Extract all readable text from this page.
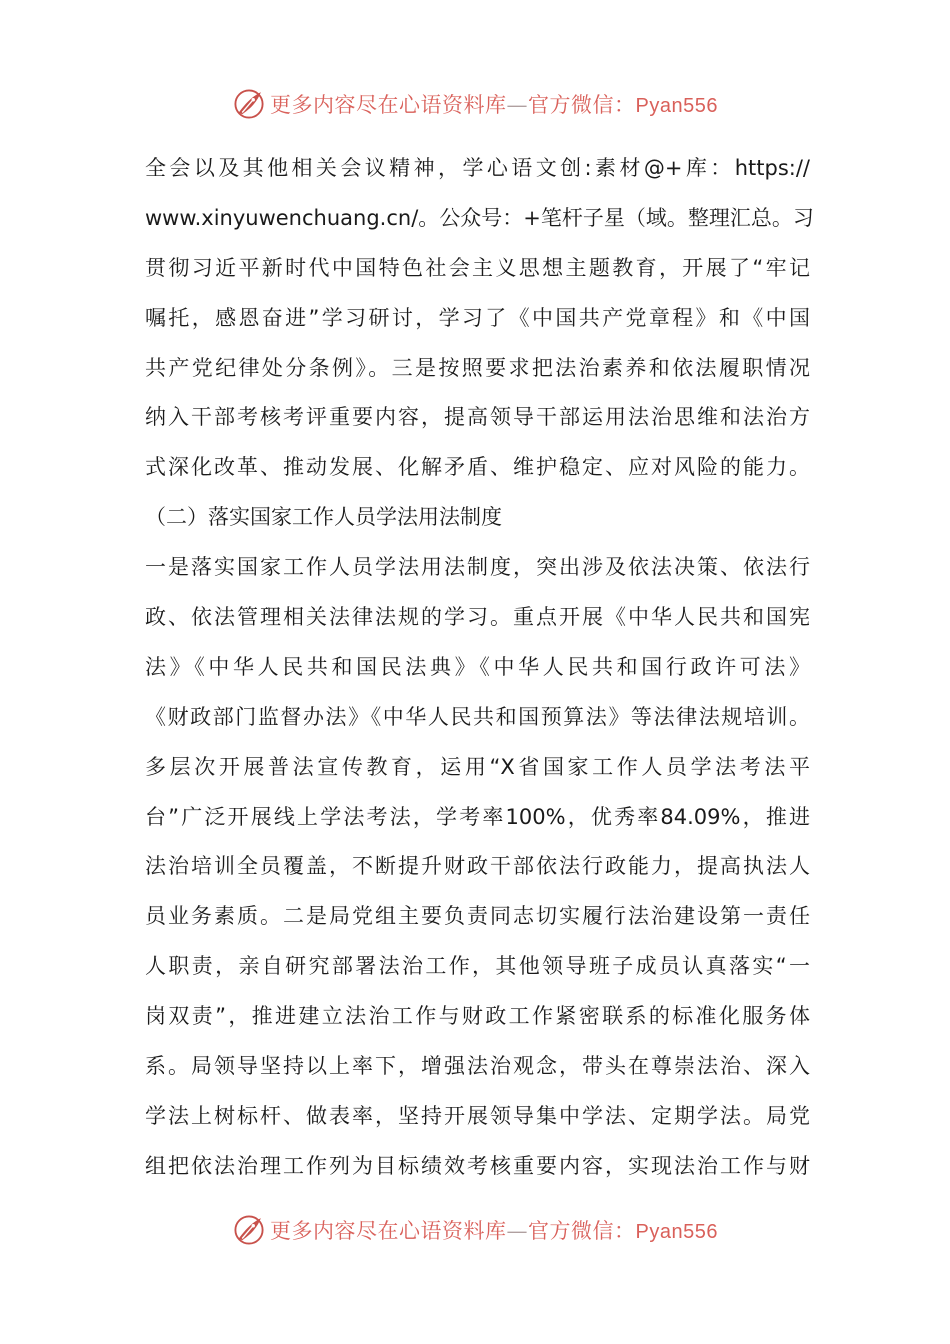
更多内容尽在心语资料库—官方微信：Pyan556
全会以及其他相关会议精神，学心语文创:素材@+库：https://
www.xinyuwenchuang.cn/。公众号：+笔杆子星（域。整理汇总。习
贯彻习近平新时代中国特色社会主义思想主题教育，开展了“牢记
嘱托，感恩奋进”学习研讨，学习了《中国共产党章程》和《中国
共产党纪律处分条例》。三是按照要求把法治素养和依法履职情况
纳入干部考核考评重要内容，提高领导干部运用法治思维和法治方
式深化改革、推动发展、化解矛盾、维护稳定、应对风险的能力。
（二）落实国家工作人员学法用法制度
一是落实国家工作人员学法用法制度，突出涉及依法决策、依法行
政、依法管理相关法律法规的学习。重点开展《中华人民共和国宪
法》《中华人民共和国民法典》《中华人民共和国行政许可法》
《财政部门监督办法》《中华人民共和国预算法》等法律法规培训。
多层次开展普法宣传教育，运用“X省国家工作人员学法考法平
台”广泛开展线上学法考法，学考率100%，优秀率84.09%，推进
法治培训全员覆盖，不断提升财政干部依法行政能力，提高执法人
员业务素质。二是局党组主要负责同志切实履行法治建设第一责任
人职责，亲自研究部署法治工作，其他领导班子成员认真落实“一
岗双责”，推进建立法治工作与财政工作紧密联系的标准化服务体
系。局领导坚持以上率下，增强法治观念，带头在尊崇法治、深入
学法上树标杆、做表率，坚持开展领导集中学法、定期学法。局党
组把依法治理工作列为目标绩效考核重要内容，实现法治工作与财
更多内容尽在心语资料库—官方微信：Pyan556
